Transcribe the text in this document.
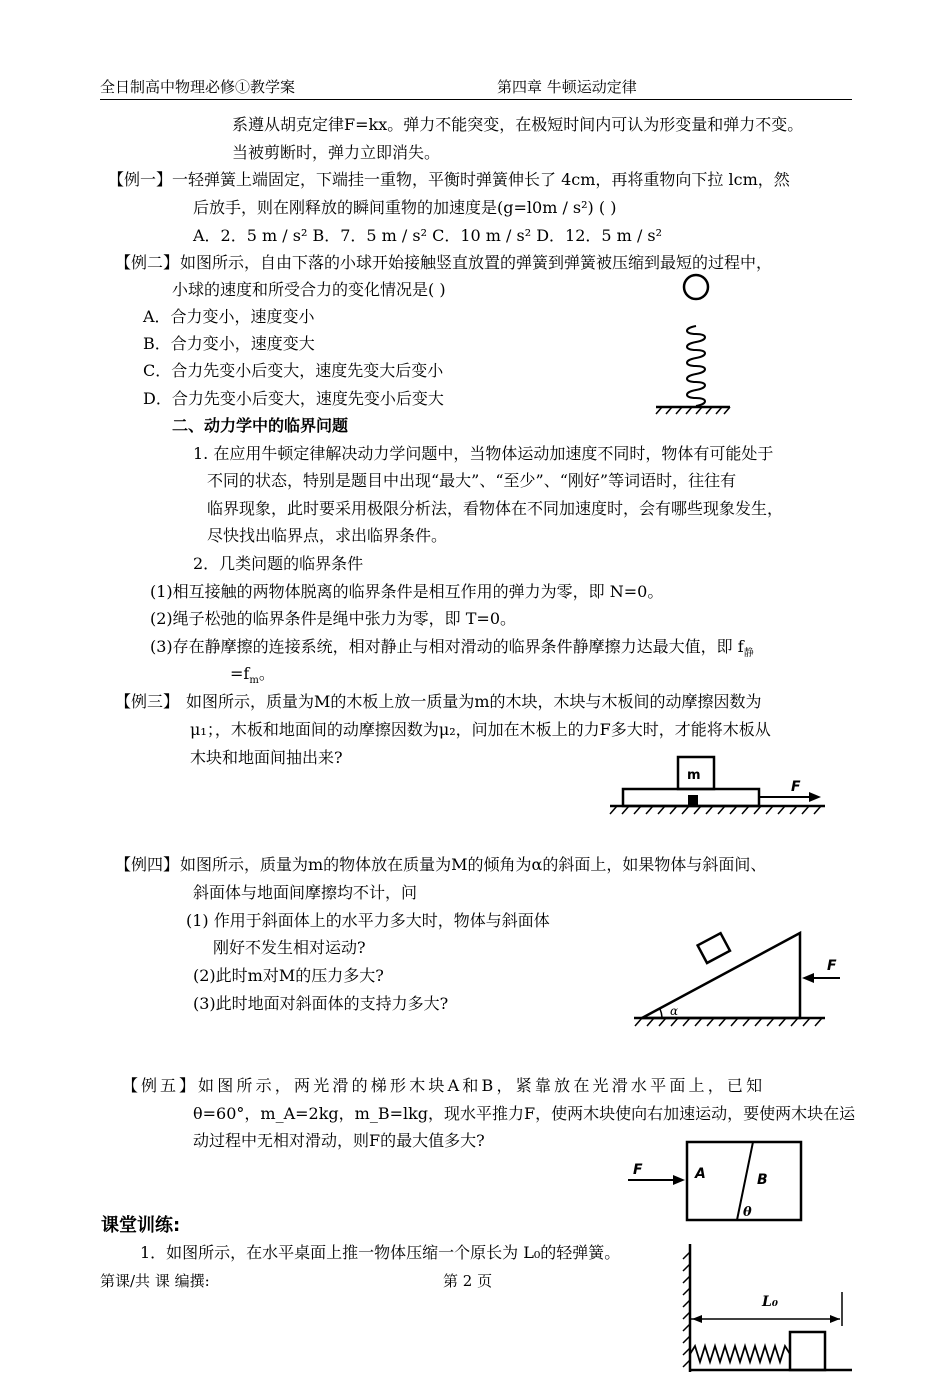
全日制高中物理必修①教学案	第四章 牛顿运动定律
系遵从胡克定律F=kx。弹力不能突变，在极短时间内可认为形变量和弹力不变。
当被剪断时，弹力立即消失。
【例一】 一轻弹簧上端固定，下端挂一重物，平衡时弹簧伸长了 4cm，再将重物向下拉 lcm，然
后放手，则在刚释放的瞬间重物的加速度是(g=l0m / s²) ( )
A．2．5 m / s² B．7．5 m / s² C．10 m / s² D．12．5 m / s²
【例二】 如图所示，自由下落的小球开始接触竖直放置的弹簧到弹簧被压缩到最短的过程中，
小球的速度和所受合力的变化情况是( )
A．合力变小，速度变小
B．合力变小，速度变大
C．合力先变小后变大，速度先变大后变小
D．合力先变小后变大，速度先变小后变大
二、动力学中的临界问题
1. 在应用牛顿定律解决动力学问题中，当物体运动加速度不同时，物体有可能处于
不同的状态，特别是题目中出现“最大”、“至少”、“刚好”等词语时，往往有
临界现象，此时要采用极限分析法，看物体在不同加速度时，会有哪些现象发生，
尽快找出临界点，求出临界条件。
2．几类问题的临界条件
(1)相互接触的两物体脱离的临界条件是相互作用的弹力为零，即 N=0。
(2)绳子松弛的临界条件是绳中张力为零，即 T=0。
(3)存在静摩擦的连接系统，相对静止与相对滑动的临界条件静摩擦力达最大值，即 $f_静$
$=f_m$。
【例三】 如图所示，质量为M的木板上放一质量为m的木块，木块与木板间的动摩擦因数为
μ₁；，木板和地面间的动摩擦因数为μ₂，问加在木板上的力F多大时，才能将木板从
木块和地面间抽出来?
m
F
【例四】 如图所示，质量为m的物体放在质量为M的倾角为α的斜面上，如果物体与斜面间、
斜面体与地面间摩擦均不计，问
(1) 作用于斜面体上的水平力多大时，物体与斜面体
刚好不发生相对运动?
(2)此时m对M的压力多大?
(3)此时地面对斜面体的支持力多大?	α
F
【例五】 如图所示，两光滑的梯形木块A和B，紧靠放在光滑水平面上，已知
θ=60°，m_A=2kg，m_B=lkg，现水平推力F，使两木块使向右加速运动，要使两木块在运
动过程中无相对滑动，则F的最大值多大?
A	B
θ
F
课堂训练:
1．如图所示，在水平桌面上推一物体压缩一个原长为 L₀的轻弹簧。
第课/共 课 编撰:	第 2 页
L₀
